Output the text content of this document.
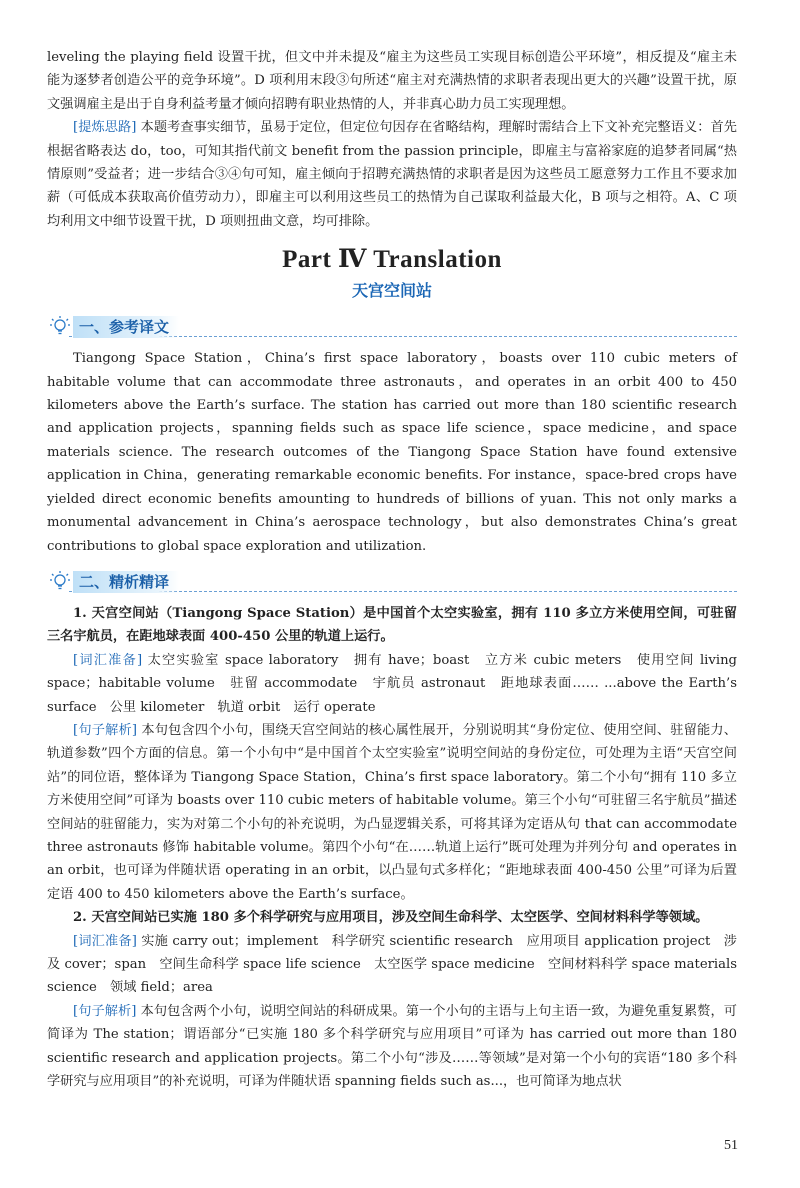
leveling the playing field 设置干扰，但文中并未提及“雇主为这些员工实现目标创造公平环境”，相反提及“雇主未能为逐梦者创造公平的竞争环境”。D 项利用末段③句所述“雇主对充满热情的求职者表现出更大的兴趣”设置干扰，原文强调雇主是出于自身利益考量才倾向招聘有职业热情的人，并非真心助力员工实现理想。

[提炼思路] 本题考查事实细节，虽易于定位，但定位句因存在省略结构，理解时需结合上下文补充完整语义：首先根据省略表达 do，too，可知其指代前文 benefit from the passion principle，即雇主与富裕家庭的追梦者同属“热情原则”受益者；进一步结合③④句可知，雇主倾向于招聘充满热情的求职者是因为这些员工愿意努力工作且不要求加薪（可低成本获取高价值劳动力），即雇主可以利用这些员工的热情为自己谋取利益最大化，B 项与之相符。A、C 项均利用文中细节设置干扰，D 项则扭曲文意，均可排除。

Part Ⅳ Translation
天宫空间站
一、参考译文

Tiangong Space Station，China’s first space laboratory，boasts over 110 cubic meters of habitable volume that can accommodate three astronauts，and operates in an orbit 400 to 450 kilometers above the Earth’s surface. The station has carried out more than 180 scientific research and application projects，spanning fields such as space life science，space medicine，and space materials science. The research outcomes of the Tiangong Space Station have found extensive application in China，generating remarkable economic benefits. For instance，space-bred crops have yielded direct economic benefits amounting to hundreds of billions of yuan. This not only marks a monumental advancement in China’s aerospace technology，but also demonstrates China’s great contributions to global space exploration and utilization.

二、精析精译

1. 天宫空间站（Tiangong Space Station）是中国首个太空实验室，拥有 110 多立方米使用空间，可驻留三名宇航员，在距地球表面 400-450 公里的轨道上运行。

[词汇准备] 太空实验室 space laboratory　拥有 have；boast　立方米 cubic meters　使用空间 living space；habitable volume　驻留 accommodate　宇航员 astronaut　距地球表面…… ...above the Earth’s surface　公里 kilometer　轨道 orbit　运行 operate

[句子解析] 本句包含四个小句，围绕天宫空间站的核心属性展开，分别说明其“身份定位、使用空间、驻留能力、轨道参数”四个方面的信息。第一个小句中“是中国首个太空实验室”说明空间站的身份定位，可处理为主语“天宫空间站”的同位语，整体译为 Tiangong Space Station，China’s first space laboratory。第二个小句“拥有 110 多立方米使用空间”可译为 boasts over 110 cubic meters of habitable volume。第三个小句“可驻留三名宇航员”描述空间站的驻留能力，实为对第二个小句的补充说明，为凸显逻辑关系，可将其译为定语从句 that can accommodate three astronauts 修饰 habitable volume。第四个小句“在……轨道上运行”既可处理为并列分句 and operates in an orbit，也可译为伴随状语 operating in an orbit，以凸显句式多样化；“距地球表面 400-450 公里”可译为后置定语 400 to 450 kilometers above the Earth’s surface。

2. 天宫空间站已实施 180 多个科学研究与应用项目，涉及空间生命科学、太空医学、空间材料科学等领域。

[词汇准备] 实施 carry out；implement　科学研究 scientific research　应用项目 application project　涉及 cover；span　空间生命科学 space life science　太空医学 space medicine　空间材料科学 space materials science　领域 field；area

[句子解析] 本句包含两个小句，说明空间站的科研成果。第一个小句的主语与上句主语一致，为避免重复累赘，可简译为 The station；谓语部分“已实施 180 多个科学研究与应用项目”可译为 has carried out more than 180 scientific research and application projects。第二个小句“涉及……等领域”是对第一个小句的宾语“180 多个科学研究与应用项目”的补充说明，可译为伴随状语 spanning fields such as...，也可简译为地点状

51
